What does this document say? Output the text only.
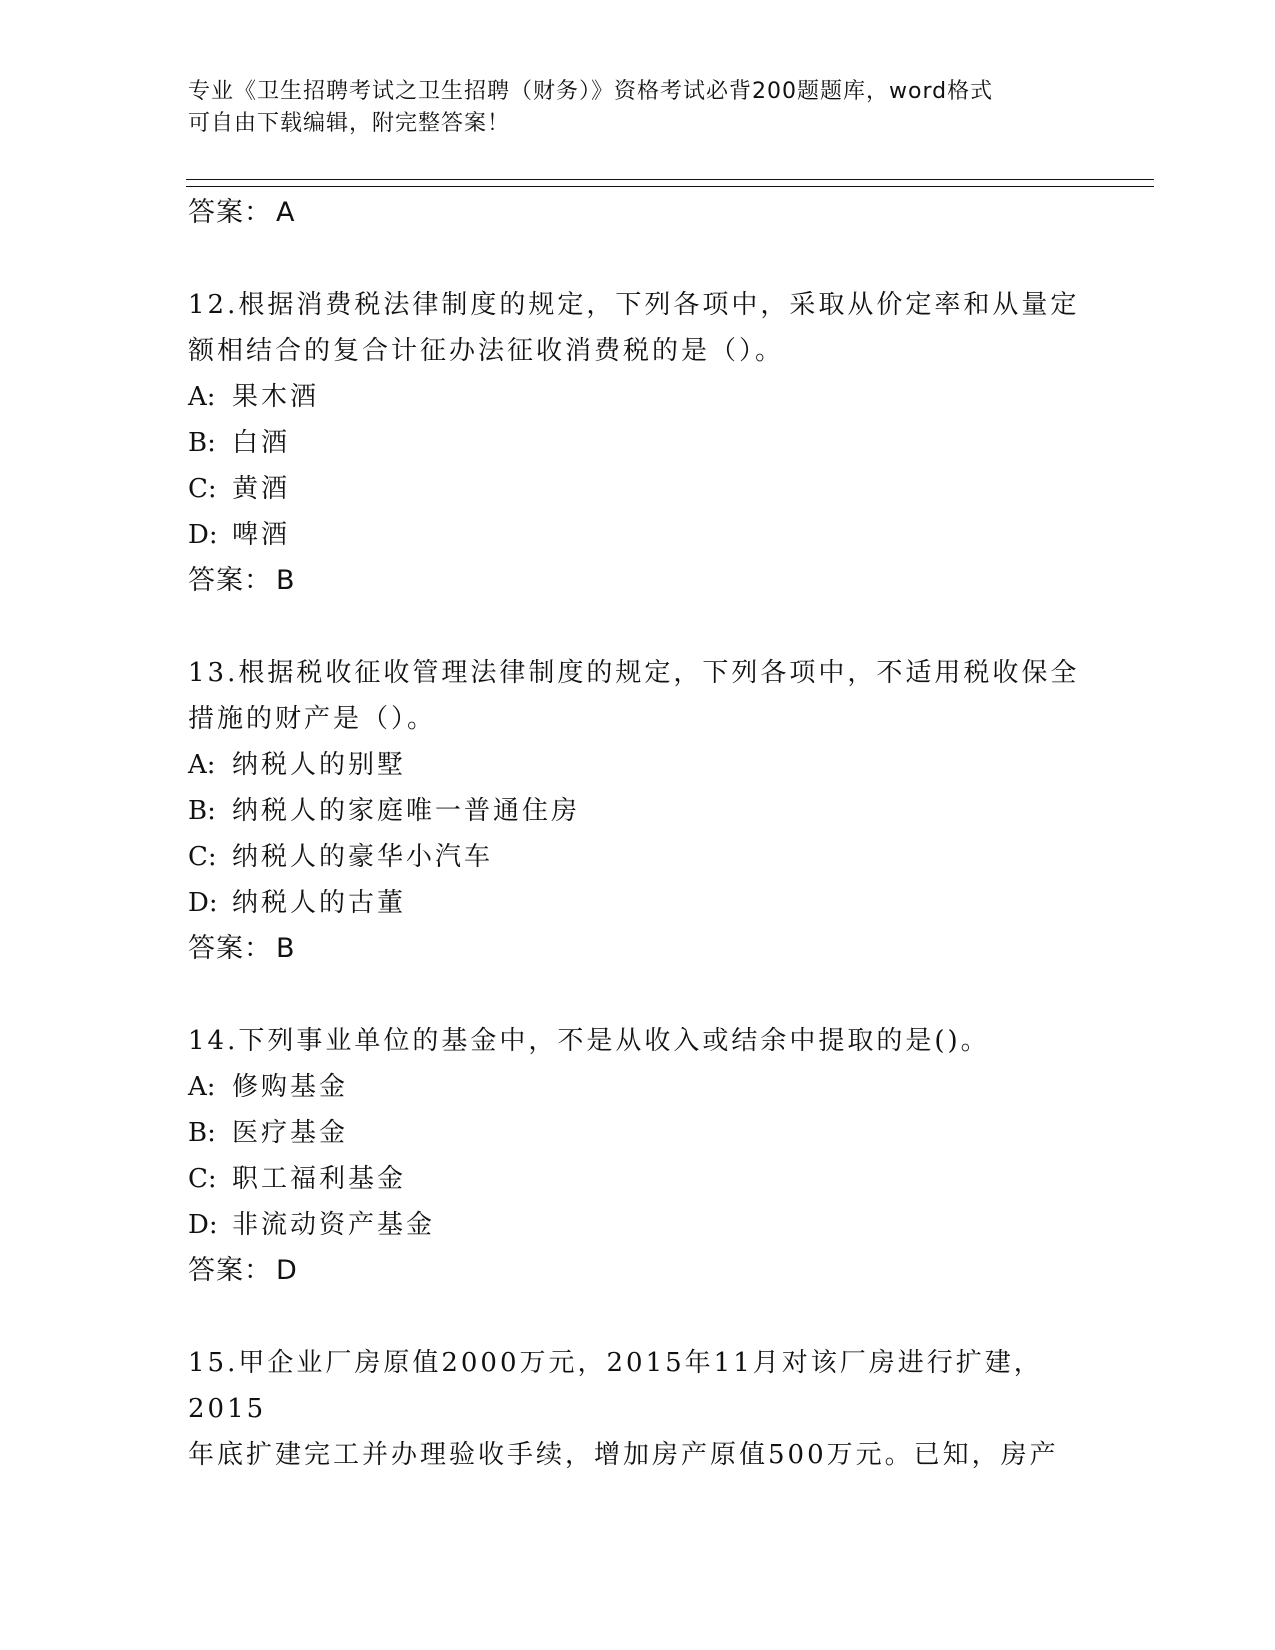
专业《卫生招聘考试之卫生招聘（财务）》资格考试必背200题题库，word格式
可自由下载编辑，附完整答案！
答案： A
12.根据消费税法律制度的规定，下列各项中，采取从价定率和从量定
额相结合的复合计征办法征收消费税的是（）。
A: 果木酒
B: 白酒
C: 黄酒
D: 啤酒
答案： B
13.根据税收征收管理法律制度的规定，下列各项中，不适用税收保全
措施的财产是（）。
A: 纳税人的别墅
B: 纳税人的家庭唯一普通住房
C: 纳税人的豪华小汽车
D: 纳税人的古董
答案： B
14.下列事业单位的基金中，不是从收入或结余中提取的是()。
A: 修购基金
B: 医疗基金
C: 职工福利基金
D: 非流动资产基金
答案： D
15.甲企业厂房原值2000万元，2015年11月对该厂房进行扩建，2015
年底扩建完工并办理验收手续，增加房产原值500万元。已知，房产
